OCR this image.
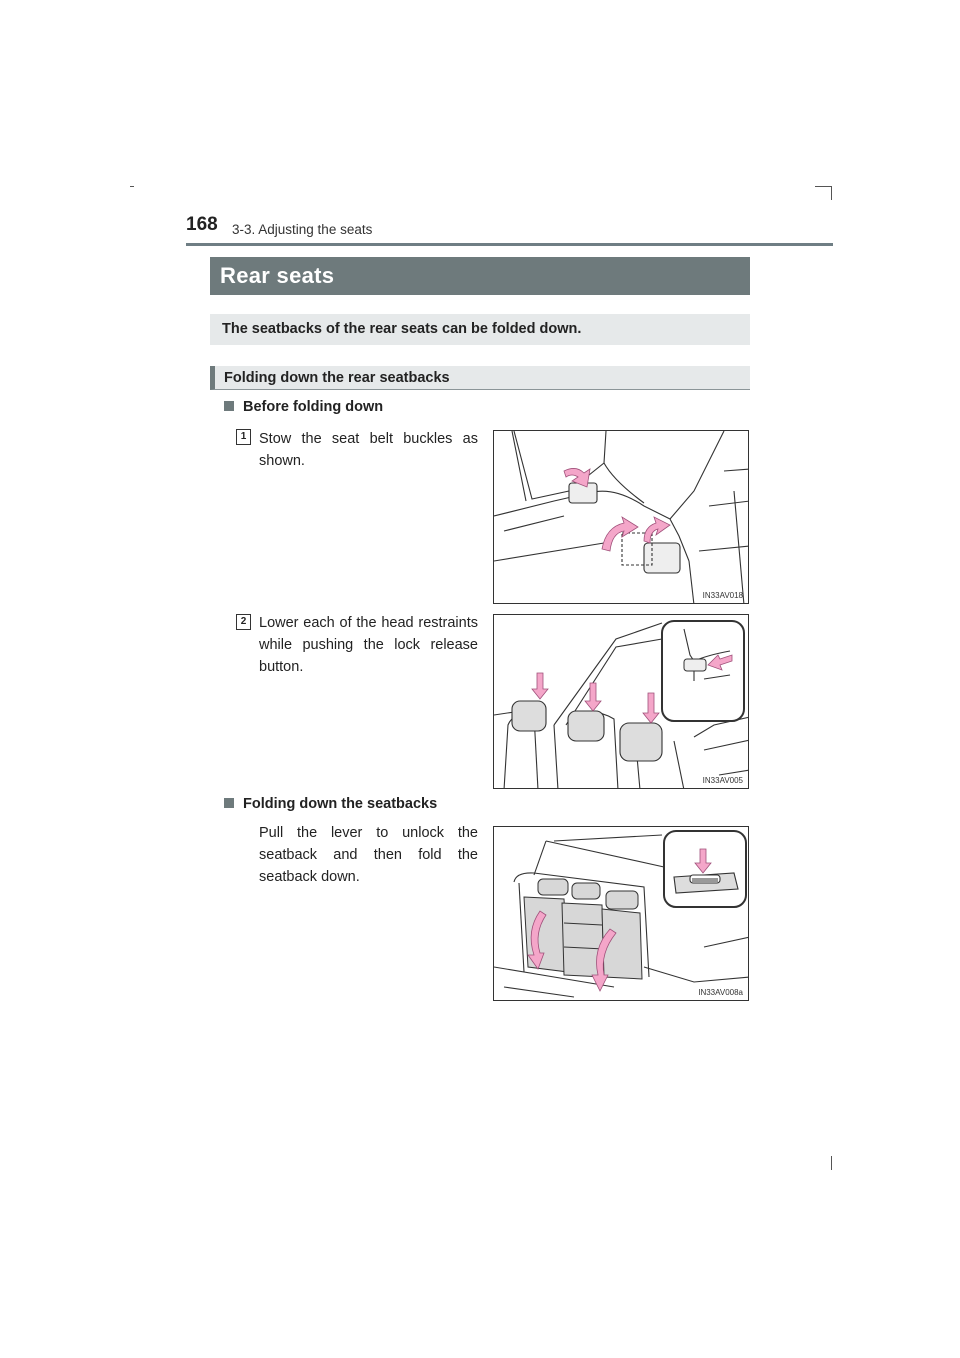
168 3-3. Adjusting the seats
Rear seats
The seatbacks of the rear seats can be folded down.
Folding down the rear seatbacks
Before folding down
1 Stow the seat belt buckles as shown.
IN33AV018
2 Lower each of the head restraints while pushing the lock release button.
IN33AV005
Folding down the seatbacks
Pull the lever to unlock the seatback and then fold the seatback down.
IN33AV008a
